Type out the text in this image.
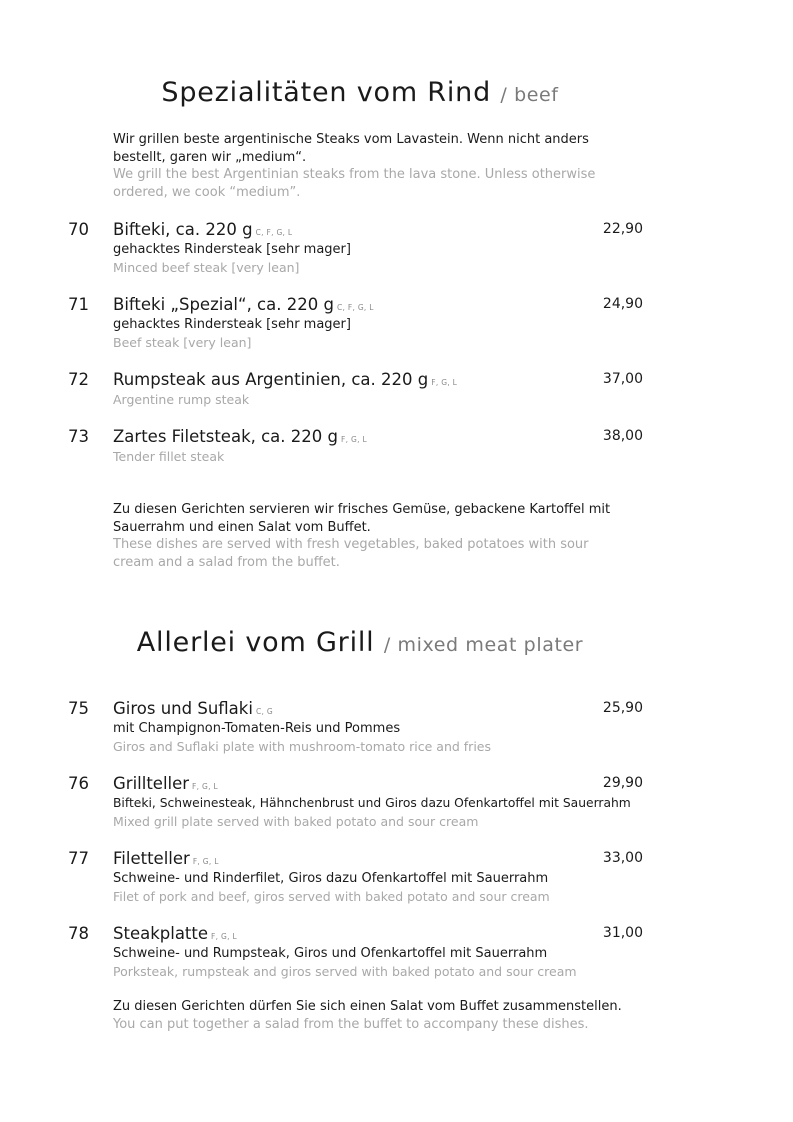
Spezialitäten vom Rind / beef
Wir grillen beste argentinische Steaks vom Lavastein. Wenn nicht anders bestellt, garen wir „medium“.
We grill the best Argentinian steaks from the lava stone. Unless otherwise ordered, we cook “medium”.
70 Bifteki, ca. 220 g C, F, G, L	22,90
gehacktes Rindersteak [sehr mager]
Minced beef steak [very lean]
71 Bifteki „Spezial“, ca. 220 g C, F, G, L	24,90
gehacktes Rindersteak [sehr mager]
Beef steak [very lean]
72 Rumpsteak aus Argentinien, ca. 220 g F, G, L	37,00
Argentine rump steak
73 Zartes Filetsteak, ca. 220 g F, G, L	38,00
Tender fillet steak
Zu diesen Gerichten servieren wir frisches Gemüse, gebackene Kartoffel mit Sauerrahm und einen Salat vom Buffet.
These dishes are served with fresh vegetables, baked potatoes with sour cream and a salad from the buffet.
Allerlei vom Grill / mixed meat plater
75 Giros und Suflaki C, G	25,90
mit Champignon-Tomaten-Reis und Pommes
Giros and Suflaki plate with mushroom-tomato rice and fries
76 Grillteller F, G, L	29,90
Bifteki, Schweinesteak, Hähnchenbrust und Giros dazu Ofenkartoffel mit Sauerrahm
Mixed grill plate served with baked potato and sour cream
77 Filetteller F, G, L	33,00
Schweine- und Rinderfilet, Giros dazu Ofenkartoffel mit Sauerrahm
Filet of pork and beef, giros served with baked potato and sour cream
78 Steakplatte F, G, L	31,00
Schweine- und Rumpsteak, Giros und Ofenkartoffel mit Sauerrahm
Porksteak, rumpsteak and giros served with baked potato and sour cream
Zu diesen Gerichten dürfen Sie sich einen Salat vom Buffet zusammenstellen.
You can put together a salad from the buffet to accompany these dishes.
